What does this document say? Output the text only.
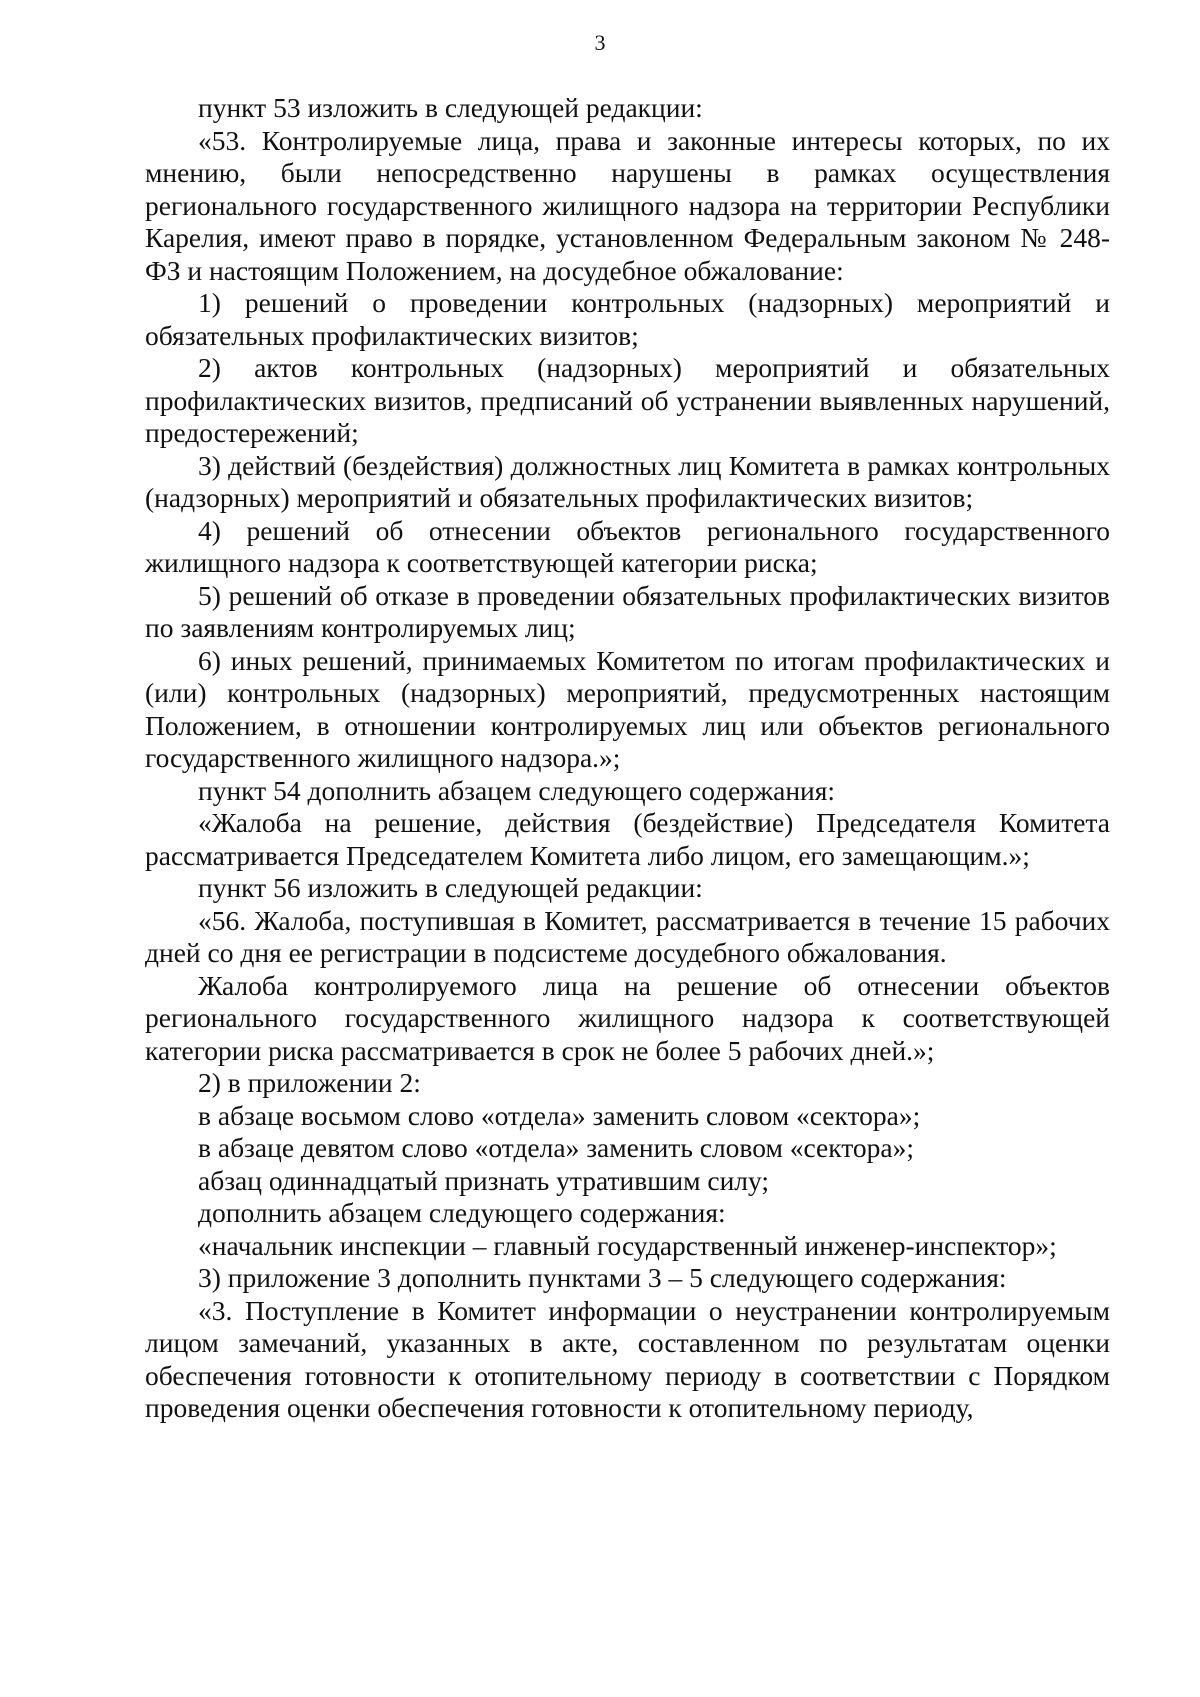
3

пункт 53 изложить в следующей редакции:

«53. Контролируемые лица, права и законные интересы которых, по их мнению, были непосредственно нарушены в рамках осуществления регионального государственного жилищного надзора на территории Республики Карелия, имеют право в порядке, установленном Федеральным законом № 248-ФЗ и настоящим Положением, на досудебное обжалование:

1) решений о проведении контрольных (надзорных) мероприятий и обязательных профилактических визитов;

2) актов контрольных (надзорных) мероприятий и обязательных профилактических визитов, предписаний об устранении выявленных нарушений, предостережений;

3) действий (бездействия) должностных лиц Комитета в рамках контрольных (надзорных) мероприятий и обязательных профилактических визитов;

4) решений об отнесении объектов регионального государственного жилищного надзора к соответствующей категории риска;

5) решений об отказе в проведении обязательных профилактических визитов по заявлениям контролируемых лиц;

6) иных решений, принимаемых Комитетом по итогам профилактических и (или) контрольных (надзорных) мероприятий, предусмотренных настоящим Положением, в отношении контролируемых лиц или объектов регионального государственного жилищного надзора.»;

пункт 54 дополнить абзацем следующего содержания:

«Жалоба на решение, действия (бездействие) Председателя Комитета рассматривается Председателем Комитета либо лицом, его замещающим.»;

пункт 56 изложить в следующей редакции:

«56. Жалоба, поступившая в Комитет, рассматривается в течение 15 рабочих дней со дня ее регистрации в подсистеме досудебного обжалования.

Жалоба контролируемого лица на решение об отнесении объектов регионального государственного жилищного надзора к соответствующей категории риска рассматривается в срок не более 5 рабочих дней.»;

2) в приложении 2:

в абзаце восьмом слово «отдела» заменить словом «сектора»;

в абзаце девятом слово «отдела» заменить словом «сектора»;

абзац одиннадцатый признать утратившим силу;

дополнить абзацем следующего содержания:

«начальник инспекции – главный государственный инженер-инспектор»;

3) приложение 3 дополнить пунктами 3 – 5 следующего содержания:

«3. Поступление в Комитет информации о неустранении контролируемым лицом замечаний, указанных в акте, составленном по результатам оценки обеспечения готовности к отопительному периоду в соответствии с Порядком проведения оценки обеспечения готовности к отопительному периоду,
